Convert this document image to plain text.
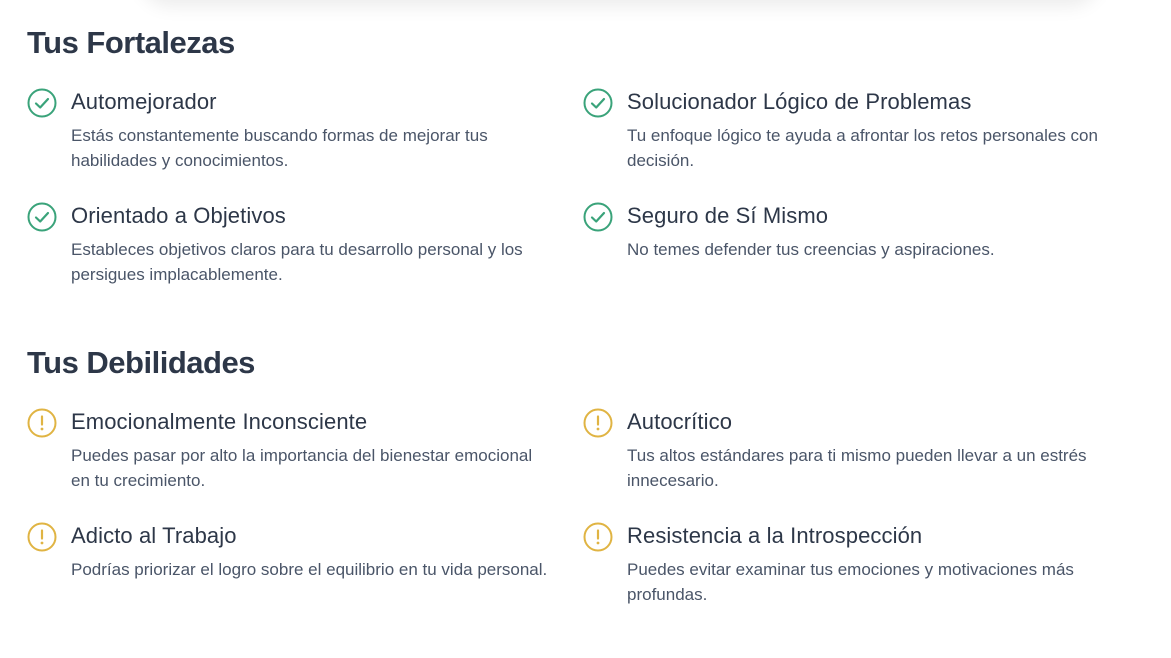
Tus Fortalezas
Automejorador

Estás constantemente buscando formas de mejorar tus habilidades y conocimientos.

Solucionador Lógico de Problemas

Tu enfoque lógico te ayuda a afrontar los retos personales con decisión.

Orientado a Objetivos

Estableces objetivos claros para tu desarrollo personal y los persigues implacablemente.

Seguro de Sí Mismo

No temes defender tus creencias y aspiraciones.

Tus Debilidades
Emocionalmente Inconsciente

Puedes pasar por alto la importancia del bienestar emocional en tu crecimiento.

Autocrítico

Tus altos estándares para ti mismo pueden llevar a un estrés innecesario.

Adicto al Trabajo

Podrías priorizar el logro sobre el equilibrio en tu vida personal.

Resistencia a la Introspección

Puedes evitar examinar tus emociones y motivaciones más profundas.
